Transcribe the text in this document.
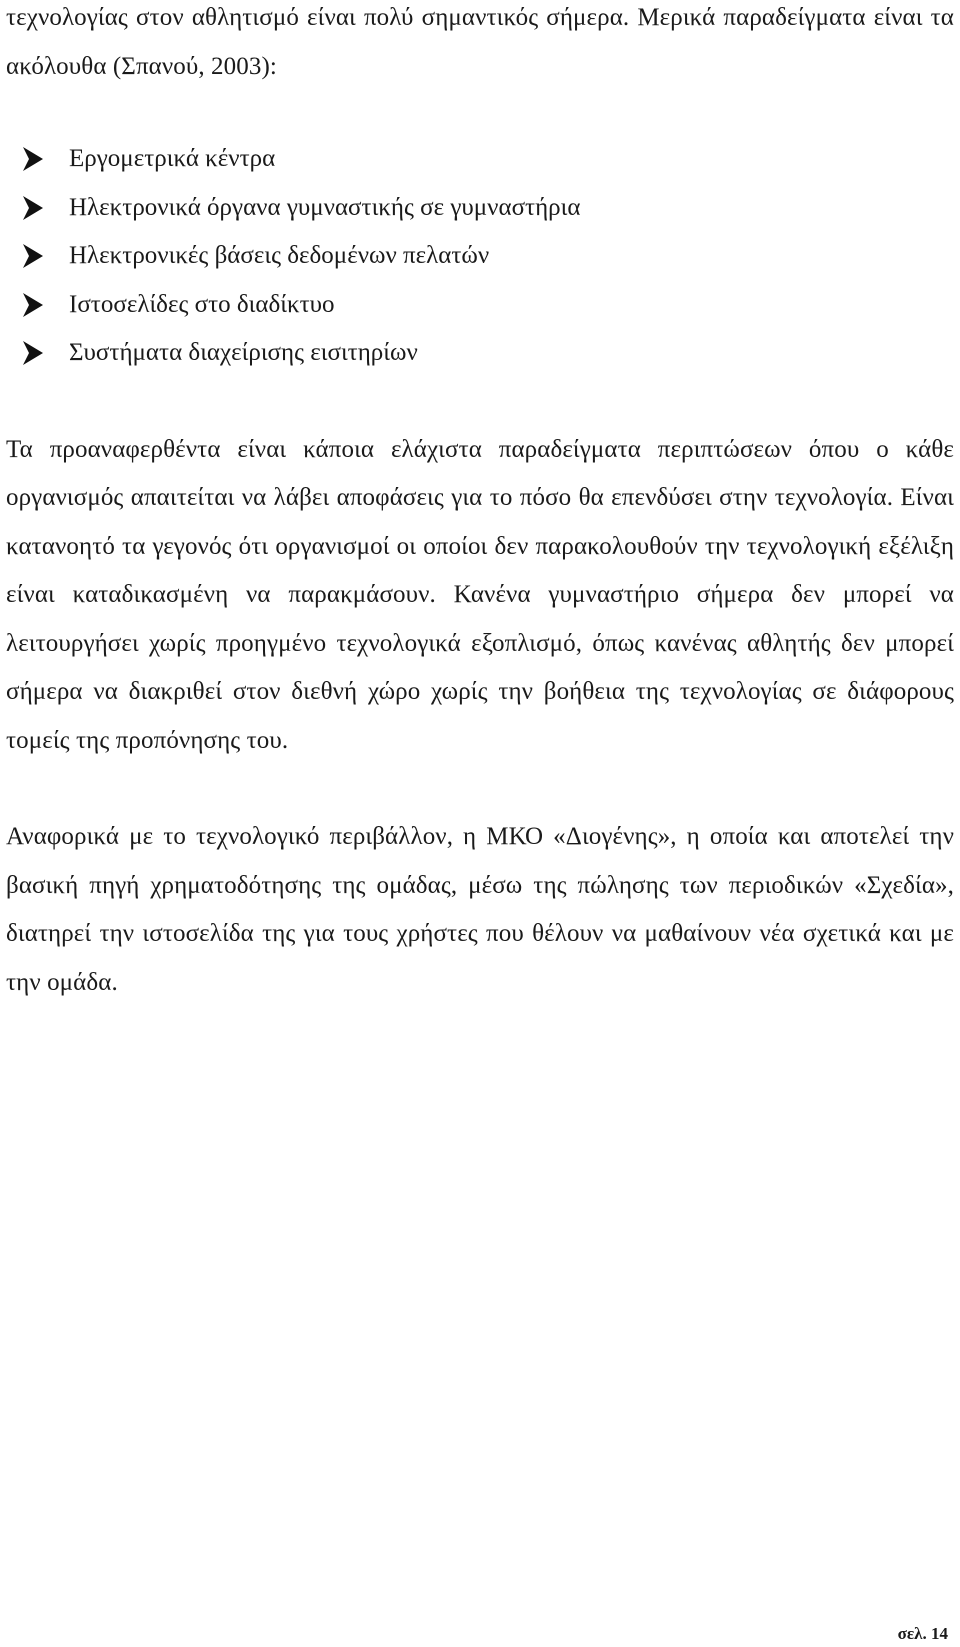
τεχνολογίας στον αθλητισμό είναι πολύ σημαντικός σήμερα. Μερικά παραδείγματα είναι τα ακόλουθα (Σπανού, 2003):

Εργομετρικά κέντρα
Ηλεκτρονικά όργανα γυμναστικής σε γυμναστήρια
Ηλεκτρονικές βάσεις δεδομένων πελατών
Ιστοσελίδες στο διαδίκτυο
Συστήματα διαχείρισης εισιτηρίων

Τα προαναφερθέντα είναι κάποια ελάχιστα παραδείγματα περιπτώσεων όπου ο κάθε οργανισμός απαιτείται να λάβει αποφάσεις για το πόσο θα επενδύσει στην τεχνολογία. Είναι κατανοητό τα γεγονός ότι οργανισμοί οι οποίοι δεν παρακολουθούν την τεχνολογική εξέλιξη είναι καταδικασμένη να παρακμάσουν. Κανένα γυμναστήριο σήμερα δεν μπορεί να λειτουργήσει χωρίς προηγμένο τεχνολογικά εξοπλισμό, όπως κανένας αθλητής δεν μπορεί σήμερα να διακριθεί στον διεθνή χώρο χωρίς την βοήθεια της τεχνολογίας σε διάφορους τομείς της προπόνησης του.

Αναφορικά με το τεχνολογικό περιβάλλον, η ΜΚΟ «Διογένης», η οποία και αποτελεί την βασική πηγή χρηματοδότησης της ομάδας, μέσω της πώλησης των περιοδικών «Σχεδία», διατηρεί την ιστοσελίδα της για τους χρήστες που θέλουν να μαθαίνουν νέα σχετικά και με την ομάδα.

σελ. 14
